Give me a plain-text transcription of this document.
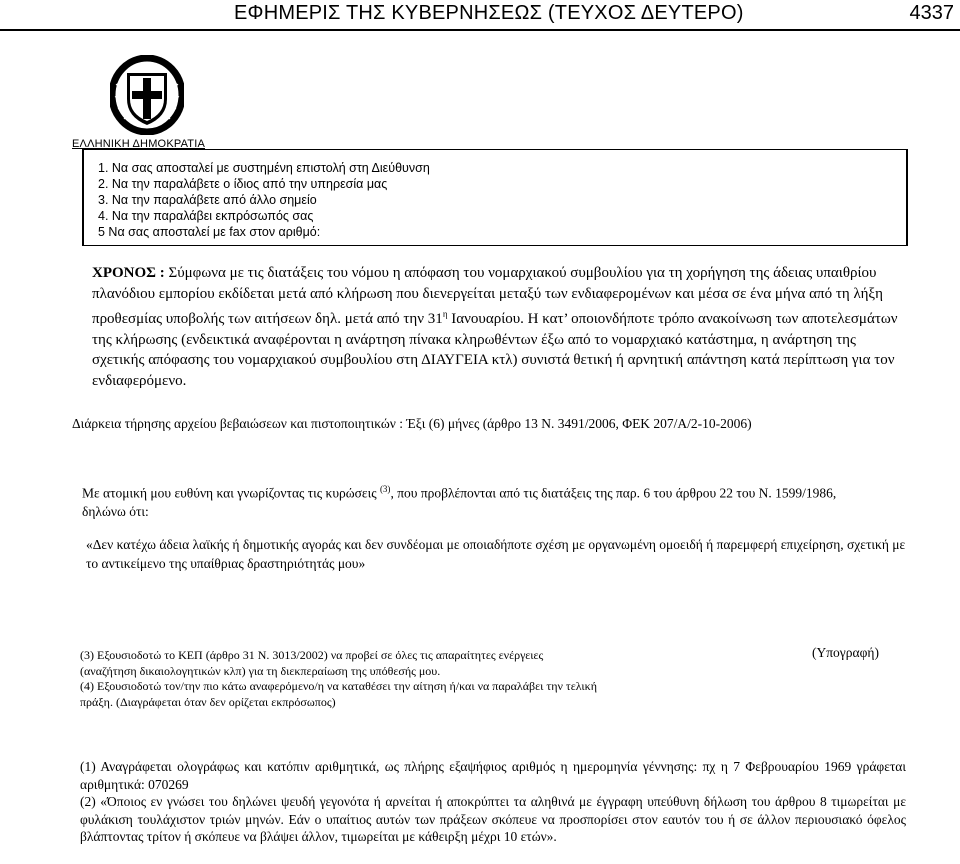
ΕΦΗΜΕΡΙΣ ΤΗΣ ΚΥΒΕΡΝΗΣΕΩΣ (ΤΕΥΧΟΣ ΔΕΥΤΕΡΟ)	4337
ΕΛΛΗΝΙΚΗ ΔΗΜΟΚΡΑΤΙΑ
1. Να σας αποσταλεί με συστημένη επιστολή στη Διεύθυνση
2. Να την παραλάβετε ο ίδιος από την υπηρεσία μας
3. Να την παραλάβετε από άλλο σημείο
4. Να την παραλάβει εκπρόσωπός σας
5 Να σας αποσταλεί με fax στον αριθμό:
ΧΡΟΝΟΣ : Σύμφωνα με τις διατάξεις του νόμου η απόφαση του νομαρχιακού συμβουλίου για τη χορήγηση της άδειας υπαιθρίου πλανόδιου εμπορίου εκδίδεται μετά από κλήρωση που διενεργείται μεταξύ των ενδιαφερομένων και μέσα σε ένα μήνα από τη λήξη προθεσμίας υποβολής των αιτήσεων δηλ. μετά από την $31^\eta$ Ιανουαρίου. Η κατ’ οποιονδήποτε τρόπο ανακοίνωση των αποτελεσμάτων της κλήρωσης (ενδεικτικά αναφέρονται η ανάρτηση πίνακα κληρωθέντων έξω από το νομαρχιακό κατάστημα, η ανάρτηση της σχετικής απόφασης του νομαρχιακού συμβουλίου στη ΔΙΑΥΓΕΙΑ κτλ) συνιστά θετική ή αρνητική απάντηση κατά περίπτωση για τον ενδιαφερόμενο.
Διάρκεια τήρησης αρχείου βεβαιώσεων και πιστοποιητικών : Έξι (6) μήνες (άρθρο 13 Ν. 3491/2006, ΦΕΚ 207/Α/2-10-2006)
Με ατομική μου ευθύνη και γνωρίζοντας τις κυρώσεις $^{(3)}$, που προβλέπονται από τις διατάξεις της παρ. 6 του άρθρου 22 του Ν. 1599/1986, δηλώνω ότι:
«Δεν κατέχω άδεια λαϊκής ή δημοτικής αγοράς και δεν συνδέομαι με οποιαδήποτε σχέση με οργανωμένη ομοειδή ή παρεμφερή επιχείρηση, σχετική με το αντικείμενο της υπαίθριας δραστηριότητάς μου»
(3) Εξουσιοδοτώ το ΚΕΠ (άρθρο 31 Ν. 3013/2002) να προβεί σε όλες τις απαραίτητες ενέργειες (αναζήτηση δικαιολογητικών κλπ) για τη διεκπεραίωση της υπόθεσής μου.
(4) Εξουσιοδοτώ τον/την πιο κάτω αναφερόμενο/η να καταθέσει την αίτηση ή/και να παραλάβει την τελική πράξη. (Διαγράφεται όταν δεν ορίζεται εκπρόσωπος)
(Υπογραφή)
(1) Αναγράφεται ολογράφως και κατόπιν αριθμητικά, ως πλήρης εξαψήφιος αριθμός η ημερομηνία γέννησης: πχ η 7 Φεβρουαρίου 1969 γράφεται αριθμητικά: 070269
(2) «Όποιος εν γνώσει του δηλώνει ψευδή γεγονότα ή αρνείται ή αποκρύπτει τα αληθινά με έγγραφη υπεύθυνη δήλωση του άρθρου 8 τιμωρείται με φυλάκιση τουλάχιστον τριών μηνών. Εάν ο υπαίτιος αυτών των πράξεων σκόπευε να προσπορίσει στον εαυτόν του ή σε άλλον περιουσιακό όφελος βλάπτοντας τρίτον ή σκόπευε να βλάψει άλλον, τιμωρείται με κάθειρξη μέχρι 10 ετών».
